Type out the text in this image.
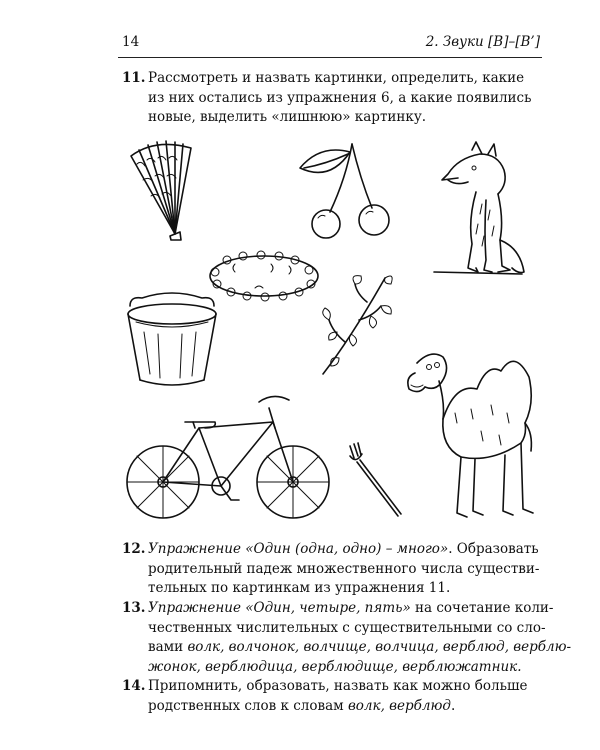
14	2. Звуки [В]–[В’]
11. Рассмотреть и назвать картинки, определить, какие
из них остались из упражнения 6, а какие появились
новые, выделить «лишнюю» картинку.
12. Упражнение «Один (одна, одно) – много». Образовать
родительный падеж множественного числа существи-
тельных по картинкам из упражнения 11.
13. Упражнение «Один, четыре, пять» на сочетание коли-
чественных числительных с существительными со сло-
вами волк, волчонок, волчище, волчица, верблюд, верблю-
жонок, верблюдица, верблюдище, верблюжатник.
14. Припомнить, образовать, назвать как можно больше
родственных слов к словам волк, верблюд.
